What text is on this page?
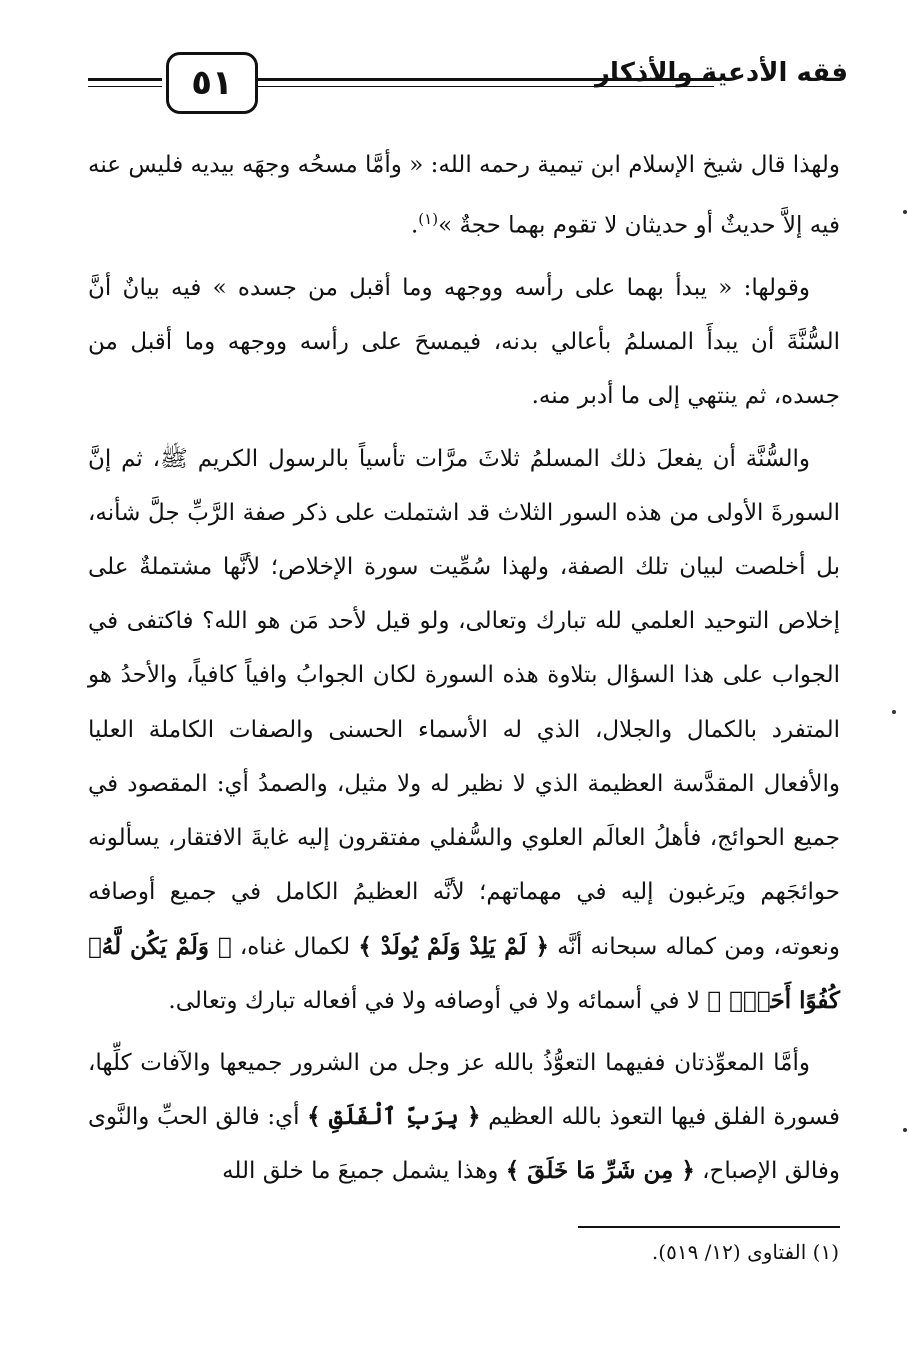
٥١	فقه الأدعية والأذكار

ولهذا قال شيخ الإسلام ابن تيمية رحمه الله: « وأمَّا مسحُه وجهَه بيديه فليس عنه فيه إلاَّ حديثٌ أو حديثان لا تقوم بهما حجةٌ »$^{(١)}$.

وقولها: « يبدأ بهما على رأسه ووجهه وما أقبل من جسده » فيه بيانٌ أنَّ السُّنَّةَ أن يبدأَ المسلمُ بأعالي بدنه، فيمسحَ على رأسه ووجهه وما أقبل من جسده، ثم ينتهي إلى ما أدبر منه.

والسُّنَّة أن يفعلَ ذلك المسلمُ ثلاثَ مرَّات تأسياً بالرسول الكريم ﷺ، ثم إنَّ السورةَ الأولى من هذه السور الثلاث قد اشتملت على ذكر صفة الرَّبِّ جلَّ شأنه، بل أخلصت لبيان تلك الصفة، ولهذا سُمِّيت سورة الإخلاص؛ لأنَّها مشتملةٌ على إخلاص التوحيد العلمي لله تبارك وتعالى، ولو قيل لأحد مَن هو الله؟ فاكتفى في الجواب على هذا السؤال بتلاوة هذه السورة لكان الجوابُ وافياً كافياً، والأحدُ هو المتفرد بالكمال والجلال، الذي له الأسماء الحسنى والصفات الكاملة العليا والأفعال المقدَّسة العظيمة الذي لا نظير له ولا مثيل، والصمدُ أي: المقصود في جميع الحوائج، فأهلُ العالَم العلوي والسُّفلي مفتقرون إليه غايةَ الافتقار، يسألونه حوائجَهم ويَرغبون إليه في مهماتهم؛ لأنَّه العظيمُ الكامل في جميع أوصافه ونعوته، ومن كماله سبحانه أنَّه ﴿ لَمْ يَلِدْ وَلَمْ يُولَدْ ﴾ لكمال غناه، ﴿ وَلَمْ يَكُن لَّهُۥ كُفُوًا أَحَدٌۢ ﴾ لا في أسمائه ولا في أوصافه ولا في أفعاله تبارك وتعالى.

وأمَّا المعوِّذتان ففيهما التعوُّذُ بالله عز وجل من الشرور جميعها والآفات كلِّها، فسورة الفلق فيها التعوذ بالله العظيم ﴿ بِرَبِّ ٱلْفَلَقِ ﴾ أي: فالق الحبِّ والنَّوى وفالق الإصباح، ﴿ مِن شَرِّ مَا خَلَقَ ﴾ وهذا يشمل جميعَ ما خلق الله

(١) الفتاوى (١٢/ ٥١٩).
